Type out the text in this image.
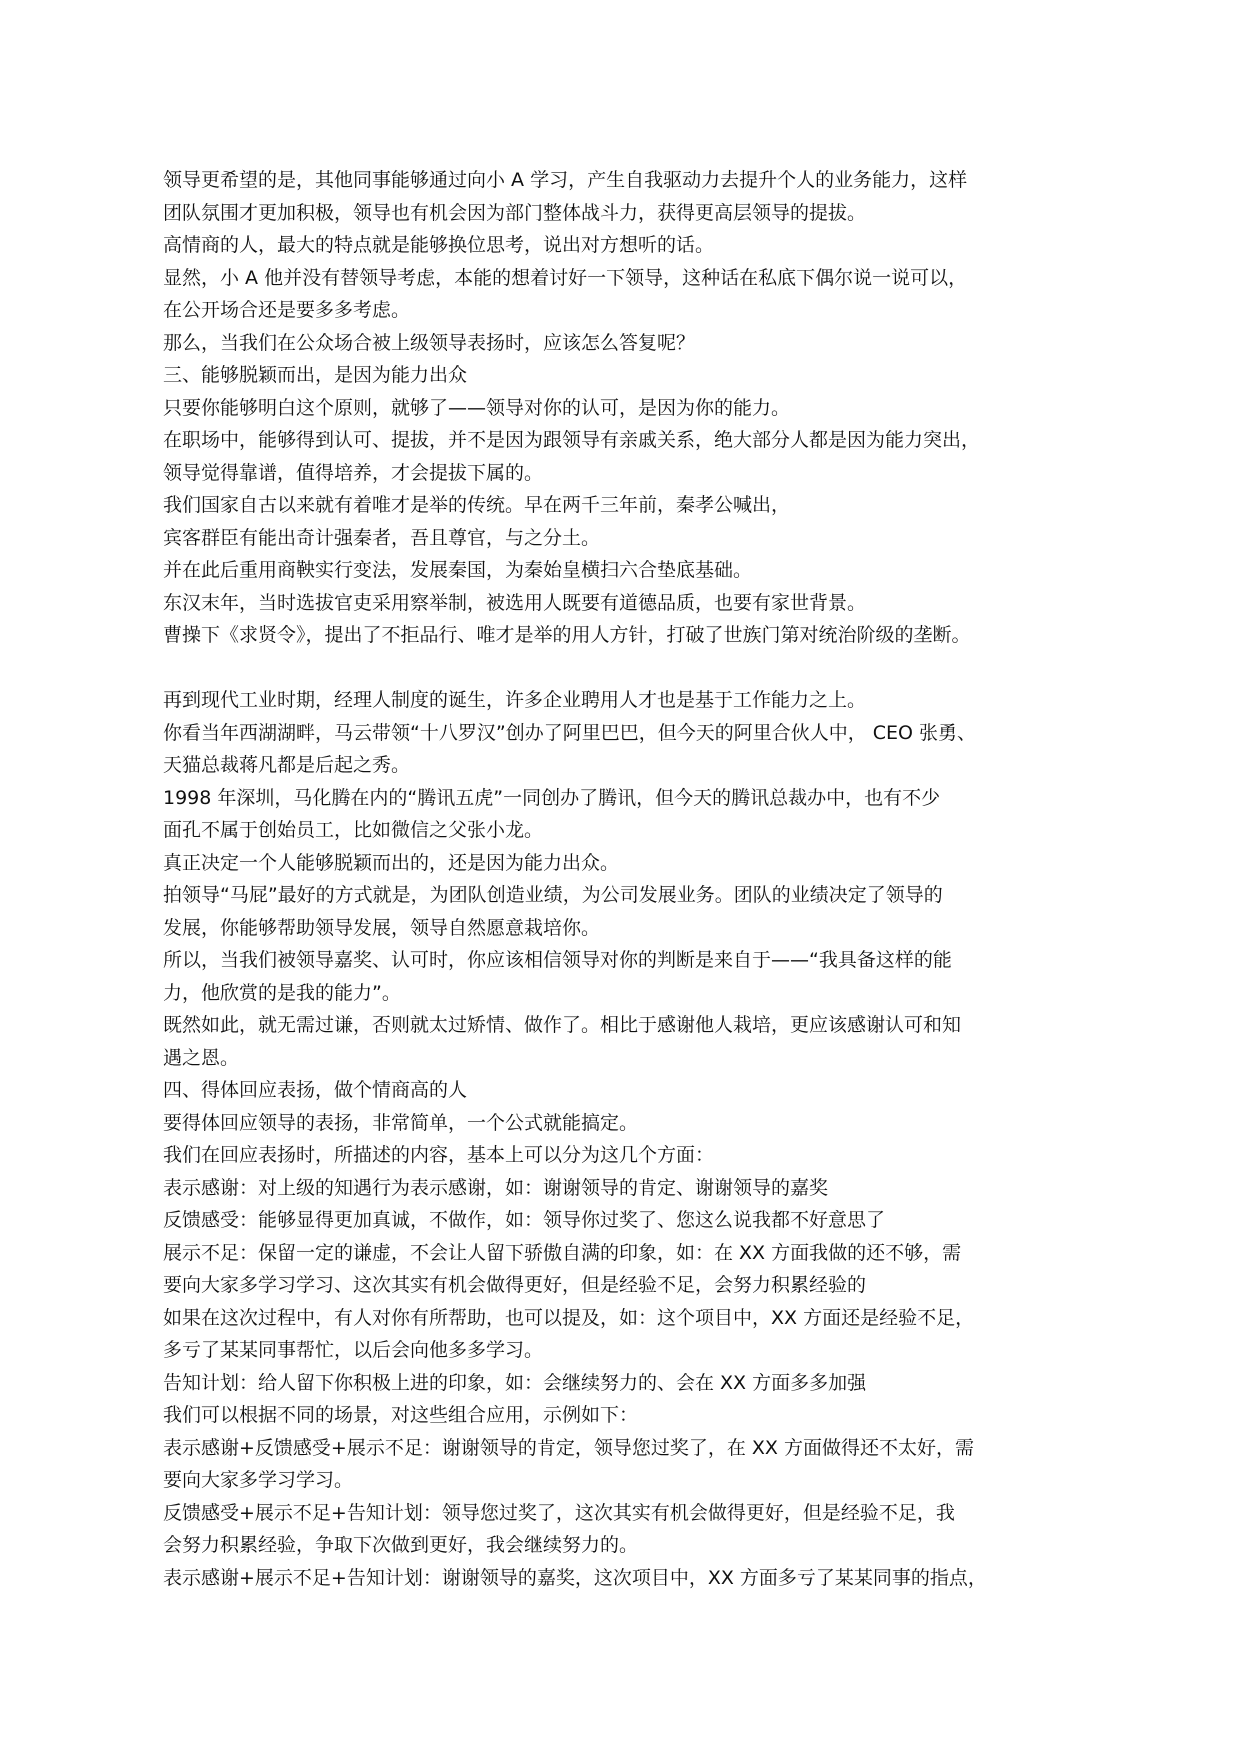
领导更希望的是，其他同事能够通过向小 A 学习，产生自我驱动力去提升个人的业务能力，这样
团队氛围才更加积极，领导也有机会因为部门整体战斗力，获得更高层领导的提拔。
高情商的人，最大的特点就是能够换位思考，说出对方想听的话。
显然，小 A 他并没有替领导考虑，本能的想着讨好一下领导，这种话在私底下偶尔说一说可以，
在公开场合还是要多多考虑。
那么，当我们在公众场合被上级领导表扬时，应该怎么答复呢？
三、能够脱颖而出，是因为能力出众
只要你能够明白这个原则，就够了——领导对你的认可，是因为你的能力。
在职场中，能够得到认可、提拔，并不是因为跟领导有亲戚关系，绝大部分人都是因为能力突出，
领导觉得靠谱，值得培养，才会提拔下属的。
我们国家自古以来就有着唯才是举的传统。早在两千三年前，秦孝公喊出，
宾客群臣有能出奇计强秦者，吾且尊官，与之分土。
并在此后重用商鞅实行变法，发展秦国，为秦始皇横扫六合垫底基础。
东汉末年，当时选拔官吏采用察举制，被选用人既要有道德品质，也要有家世背景。
曹操下《求贤令》，提出了不拒品行、唯才是举的用人方针，打破了世族门第对统治阶级的垄断。
再到现代工业时期，经理人制度的诞生，许多企业聘用人才也是基于工作能力之上。
你看当年西湖湖畔，马云带领“十八罗汉”创办了阿里巴巴，但今天的阿里合伙人中， CEO 张勇、
天猫总裁蒋凡都是后起之秀。
1998 年深圳，马化腾在内的“腾讯五虎”一同创办了腾讯，但今天的腾讯总裁办中，也有不少
面孔不属于创始员工，比如微信之父张小龙。
真正决定一个人能够脱颖而出的，还是因为能力出众。
拍领导“马屁”最好的方式就是，为团队创造业绩，为公司发展业务。团队的业绩决定了领导的
发展，你能够帮助领导发展，领导自然愿意栽培你。
所以，当我们被领导嘉奖、认可时，你应该相信领导对你的判断是来自于——“我具备这样的能
力，他欣赏的是我的能力”。
既然如此，就无需过谦，否则就太过矫情、做作了。相比于感谢他人栽培，更应该感谢认可和知
遇之恩。
四、得体回应表扬，做个情商高的人
要得体回应领导的表扬，非常简单，一个公式就能搞定。
我们在回应表扬时，所描述的内容，基本上可以分为这几个方面：
表示感谢：对上级的知遇行为表示感谢，如：谢谢领导的肯定、谢谢领导的嘉奖
反馈感受：能够显得更加真诚，不做作，如：领导你过奖了、您这么说我都不好意思了
展示不足：保留一定的谦虚，不会让人留下骄傲自满的印象，如：在 XX 方面我做的还不够，需
要向大家多学习学习、这次其实有机会做得更好，但是经验不足，会努力积累经验的
如果在这次过程中，有人对你有所帮助，也可以提及，如：这个项目中，XX 方面还是经验不足，
多亏了某某同事帮忙，以后会向他多多学习。
告知计划：给人留下你积极上进的印象，如：会继续努力的、会在 XX 方面多多加强
我们可以根据不同的场景，对这些组合应用，示例如下：
表示感谢+反馈感受+展示不足：谢谢领导的肯定，领导您过奖了，在 XX 方面做得还不太好，需
要向大家多学习学习。
反馈感受+展示不足+告知计划：领导您过奖了，这次其实有机会做得更好，但是经验不足，我
会努力积累经验，争取下次做到更好，我会继续努力的。
表示感谢+展示不足+告知计划：谢谢领导的嘉奖，这次项目中，XX 方面多亏了某某同事的指点，
